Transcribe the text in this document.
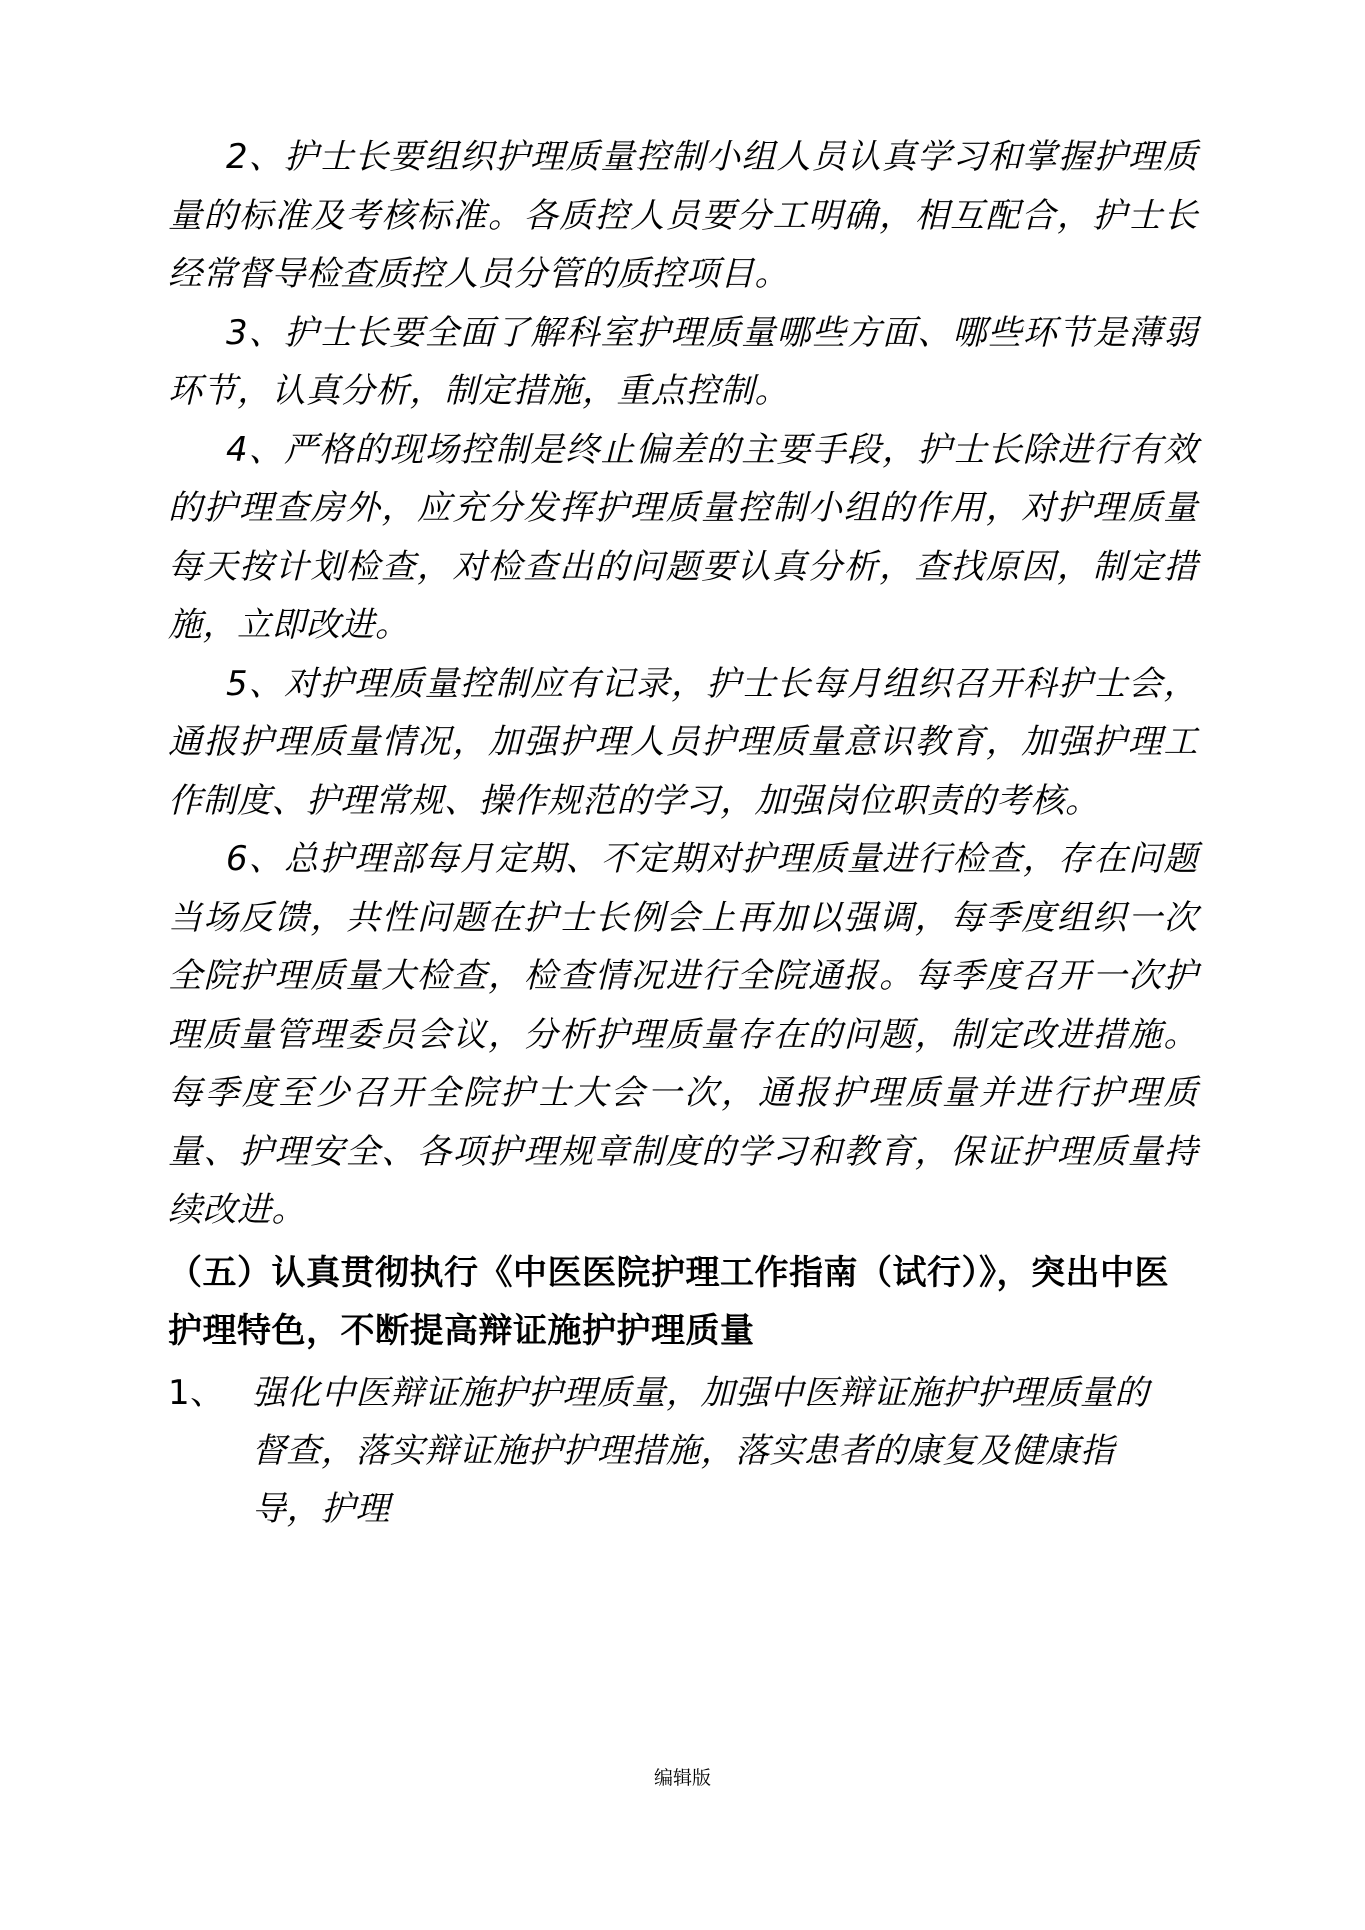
2、护士长要组织护理质量控制小组人员认真学习和掌握护理质量的标准及考核标准。各质控人员要分工明确，相互配合，护士长经常督导检查质控人员分管的质控项目。

3、护士长要全面了解科室护理质量哪些方面、哪些环节是薄弱环节，认真分析，制定措施，重点控制。

4、严格的现场控制是终止偏差的主要手段，护士长除进行有效的护理查房外，应充分发挥护理质量控制小组的作用，对护理质量每天按计划检查，对检查出的问题要认真分析，查找原因，制定措施，立即改进。

5、对护理质量控制应有记录，护士长每月组织召开科护士会，通报护理质量情况，加强护理人员护理质量意识教育，加强护理工作制度、护理常规、操作规范的学习，加强岗位职责的考核。

6、总护理部每月定期、不定期对护理质量进行检查，存在问题当场反馈，共性问题在护士长例会上再加以强调，每季度组织一次全院护理质量大检查，检查情况进行全院通报。每季度召开一次护理质量管理委员会议，分析护理质量存在的问题，制定改进措施。每季度至少召开全院护士大会一次，通报护理质量并进行护理质量、护理安全、各项护理规章制度的学习和教育，保证护理质量持续改进。

（五）认真贯彻执行《中医医院护理工作指南（试行）》，突出中医护理特色，不断提高辩证施护护理质量

1、 强化中医辩证施护护理质量，加强中医辩证施护护理质量的督查，落实辩证施护护理措施，落实患者的康复及健康指导，护理
编辑版
